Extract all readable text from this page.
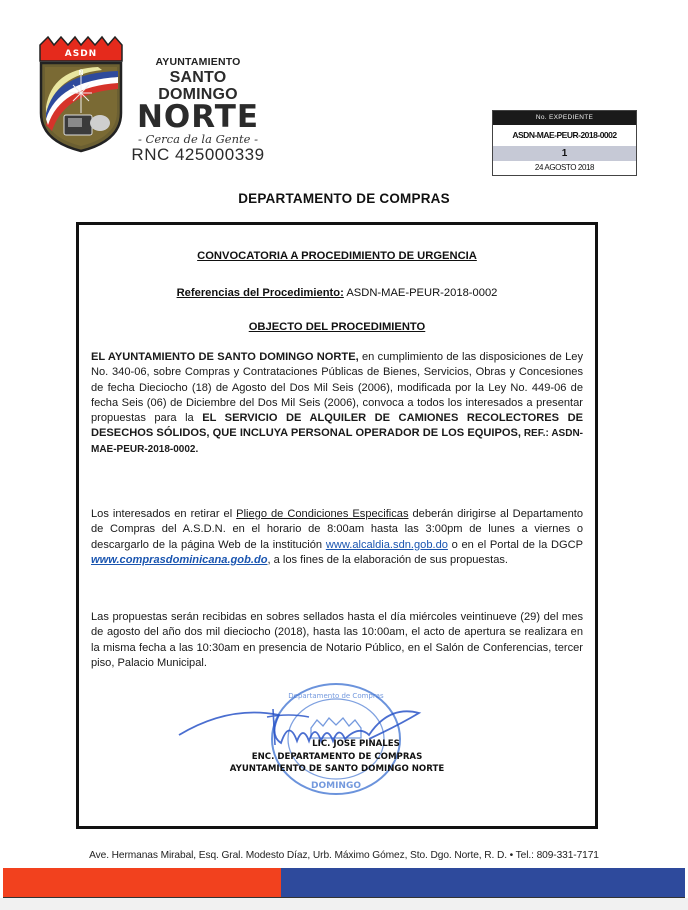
ASDN
N
AYUNTAMIENTO
SANTO DOMINGO
NORTE
- Cerca de la Gente -
RNC 425000339
No. EXPEDIENTE
ASDN-MAE-PEUR-2018-0002
1
24 AGOSTO 2018
DEPARTAMENTO DE COMPRAS
CONVOCATORIA A PROCEDIMIENTO DE URGENCIA
Referencias del Procedimiento: ASDN-MAE-PEUR-2018-0002
OBJECTO DEL PROCEDIMIENTO
EL AYUNTAMIENTO DE SANTO DOMINGO NORTE, en cumplimiento de las disposiciones de Ley No. 340-06, sobre Compras y Contrataciones Públicas de Bienes, Servicios, Obras y Concesiones de fecha Dieciocho (18) de Agosto del Dos Mil Seis (2006), modificada por la Ley No. 449-06 de fecha Seis (06) de Diciembre del Dos Mil Seis (2006), convoca a todos los interesados a presentar propuestas para la EL SERVICIO DE ALQUILER DE CAMIONES RECOLECTORES DE DESECHOS SÓLIDOS, QUE INCLUYA PERSONAL OPERADOR DE LOS EQUIPOS, REF.: ASDN-MAE-PEUR-2018-0002.
Los interesados en retirar el Pliego de Condiciones Especificas deberán dirigirse al Departamento de Compras del A.S.D.N. en el horario de 8:00am hasta las 3:00pm de lunes a viernes o descargarlo de la página Web de la institución www.alcaldia.sdn.gob.do o en el Portal de la DGCP www.comprasdominicana.gob.do, a los fines de la elaboración de sus propuestas.
Las propuestas serán recibidas en sobres sellados hasta el día miércoles veintinueve (29) del mes de agosto del año dos mil dieciocho (2018), hasta las 10:00am, el acto de apertura se realizara en la misma fecha a las 10:30am en presencia de Notario Público, en el Salón de Conferencias, tercer piso, Palacio Municipal.
Departamento de Compras
DOMINGO
LIC. JOSE PINALES
ENC. DEPARTAMENTO DE COMPRAS
AYUNTAMIENTO DE SANTO DOMINGO NORTE
Ave. Hermanas Mirabal, Esq. Gral. Modesto Díaz, Urb. Máximo Gómez, Sto. Dgo. Norte, R. D. • Tel.: 809-331-7171
